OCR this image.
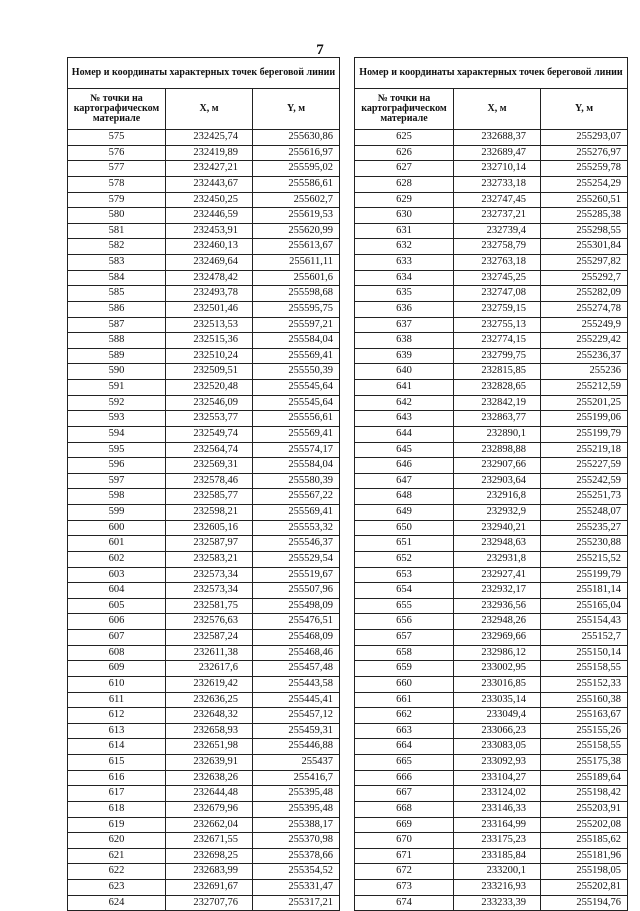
7
Номер и координаты характерных точек береговой линии		
№ точки на картографическом материале	X, м	Y, м
575	232425,74	255630,86
576	232419,89	255616,97
577	232427,21	255595,02
578	232443,67	255586,61
579	232450,25	255602,7
580	232446,59	255619,53
581	232453,91	255620,99
582	232460,13	255613,67
583	232469,64	255611,11
584	232478,42	255601,6
585	232493,78	255598,68
586	232501,46	255595,75
587	232513,53	255597,21
588	232515,36	255584,04
589	232510,24	255569,41
590	232509,51	255550,39
591	232520,48	255545,64
592	232546,09	255545,64
593	232553,77	255556,61
594	232549,74	255569,41
595	232564,74	255574,17
596	232569,31	255584,04
597	232578,46	255580,39
598	232585,77	255567,22
599	232598,21	255569,41
600	232605,16	255553,32
601	232587,97	255546,37
602	232583,21	255529,54
603	232573,34	255519,67
604	232573,34	255507,96
605	232581,75	255498,09
606	232576,63	255476,51
607	232587,24	255468,09
608	232611,38	255468,46
609	232617,6	255457,48
610	232619,42	255443,58
611	232636,25	255445,41
612	232648,32	255457,12
613	232658,93	255459,31
614	232651,98	255446,88
615	232639,91	255437
616	232638,26	255416,7
617	232644,48	255395,48
618	232679,96	255395,48
619	232662,04	255388,17
620	232671,55	255370,98
621	232698,25	255378,66
622	232683,99	255354,52
623	232691,67	255331,47
624	232707,76	255317,21
Номер и координаты характерных точек береговой линии		
№ точки на картографическом материале	X, м	Y, м
625	232688,37	255293,07
626	232689,47	255276,97
627	232710,14	255259,78
628	232733,18	255254,29
629	232747,45	255260,51
630	232737,21	255285,38
631	232739,4	255298,55
632	232758,79	255301,84
633	232763,18	255297,82
634	232745,25	255292,7
635	232747,08	255282,09
636	232759,15	255274,78
637	232755,13	255249,9
638	232774,15	255229,42
639	232799,75	255236,37
640	232815,85	255236
641	232828,65	255212,59
642	232842,19	255201,25
643	232863,77	255199,06
644	232890,1	255199,79
645	232898,88	255219,18
646	232907,66	255227,59
647	232903,64	255242,59
648	232916,8	255251,73
649	232932,9	255248,07
650	232940,21	255235,27
651	232948,63	255230,88
652	232931,8	255215,52
653	232927,41	255199,79
654	232932,17	255181,14
655	232936,56	255165,04
656	232948,26	255154,43
657	232969,66	255152,7
658	232986,12	255150,14
659	233002,95	255158,55
660	233016,85	255152,33
661	233035,14	255160,38
662	233049,4	255163,67
663	233066,23	255155,26
664	233083,05	255158,55
665	233092,93	255175,38
666	233104,27	255189,64
667	233124,02	255198,42
668	233146,33	255203,91
669	233164,99	255202,08
670	233175,23	255185,62
671	233185,84	255181,96
672	233200,1	255198,05
673	233216,93	255202,81
674	233233,39	255194,76
